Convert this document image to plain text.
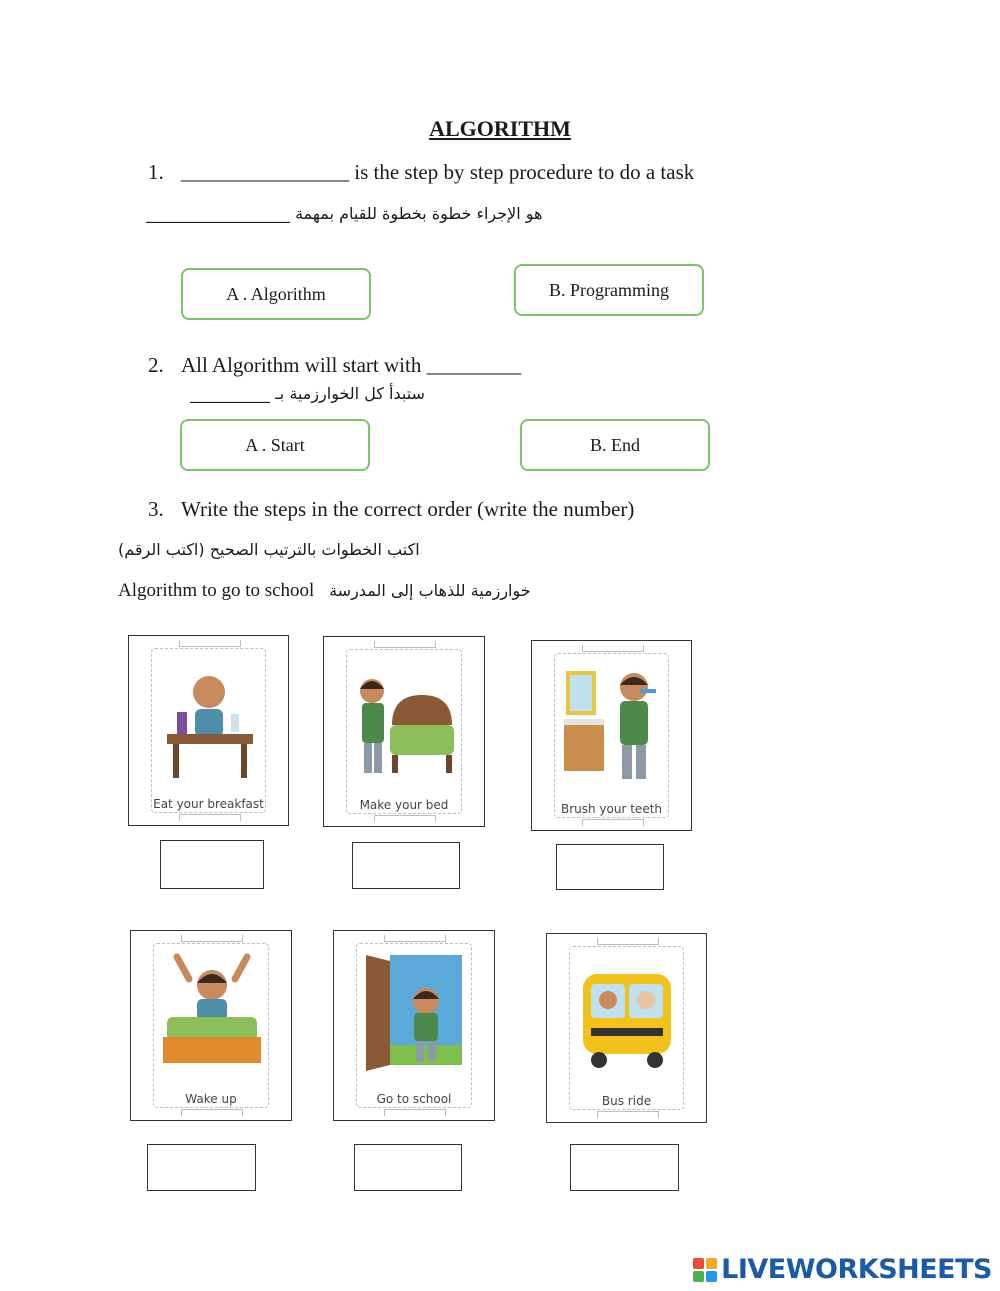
ALGORITHM
1. ________________ is the step by step procedure to do a task
هو الإجراء خطوة بخطوة للقيام بمهمة __________________
A . Algorithm	B. Programming
2. All Algorithm will start with _________
ستبدأ كل الخوارزمية بـ __________
A . Start	B. End
3. Write the steps in the correct order (write the number)
اكتب الخطوات بالترتيب الصحيح (اكتب الرقم)
Algorithm to go to school خوارزمية للذهاب إلى المدرسة
Eat your breakfast	Make your bed	Brush your teeth
Wake up	Go to school	Bus ride
LIVEWORKSHEETS
